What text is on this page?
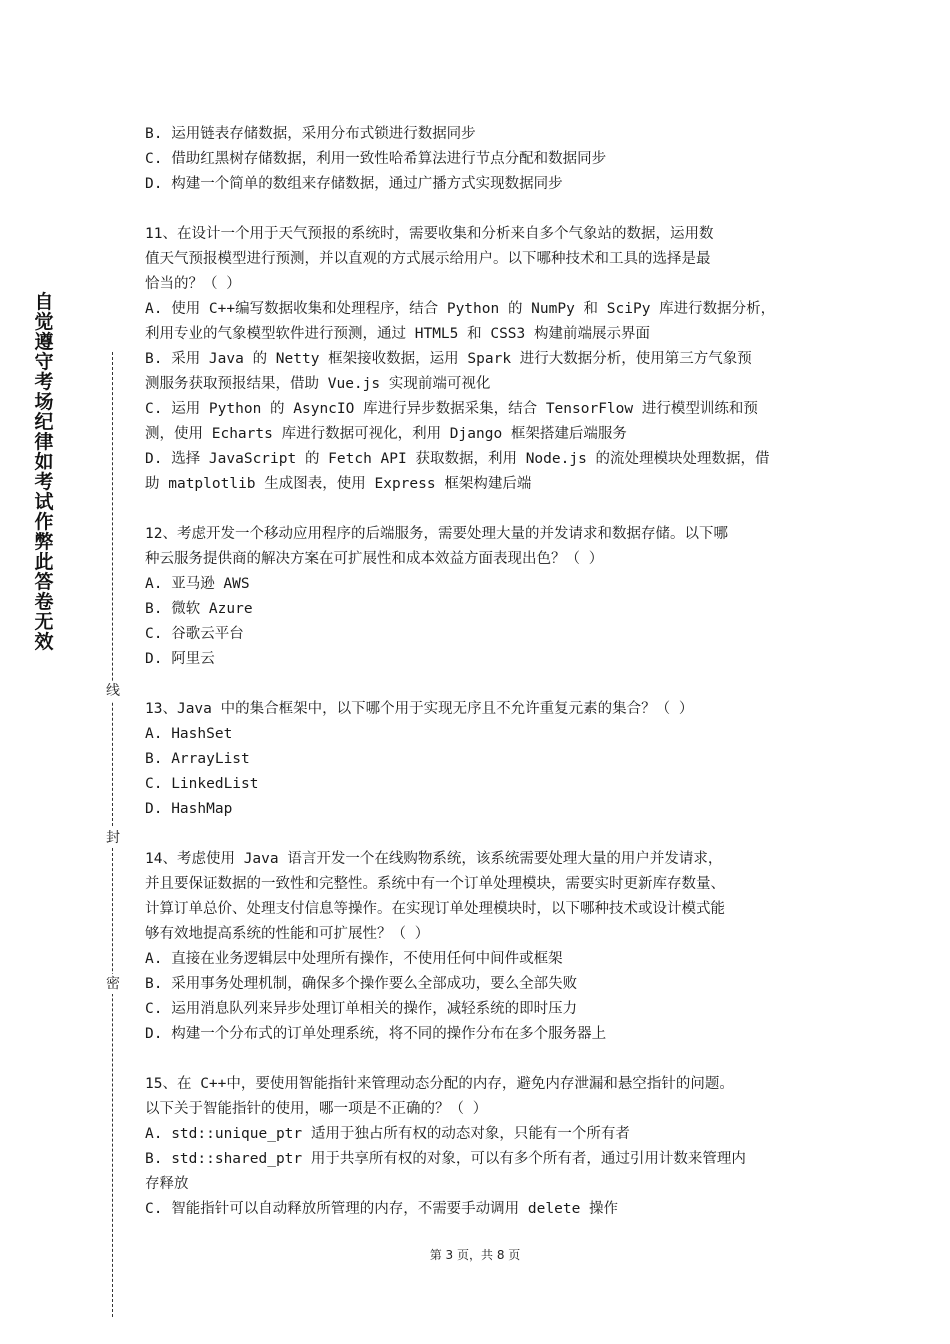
自觉遵守考场纪律如考试作弊此答卷无效
线
封
密
B. 运用链表存储数据，采用分布式锁进行数据同步
C. 借助红黑树存储数据，利用一致性哈希算法进行节点分配和数据同步
D. 构建一个简单的数组来存储数据，通过广播方式实现数据同步
11、在设计一个用于天气预报的系统时，需要收集和分析来自多个气象站的数据，运用数
值天气预报模型进行预测，并以直观的方式展示给用户。以下哪种技术和工具的选择是最
恰当的？（ ）
A. 使用 C++编写数据收集和处理程序，结合 Python 的 NumPy 和 SciPy 库进行数据分析，
利用专业的气象模型软件进行预测，通过 HTML5 和 CSS3 构建前端展示界面
B. 采用 Java 的 Netty 框架接收数据，运用 Spark 进行大数据分析，使用第三方气象预
测服务获取预报结果，借助 Vue.js 实现前端可视化
C. 运用 Python 的 AsyncIO 库进行异步数据采集，结合 TensorFlow 进行模型训练和预
测，使用 Echarts 库进行数据可视化，利用 Django 框架搭建后端服务
D. 选择 JavaScript 的 Fetch API 获取数据，利用 Node.js 的流处理模块处理数据，借
助 matplotlib 生成图表，使用 Express 框架构建后端
12、考虑开发一个移动应用程序的后端服务，需要处理大量的并发请求和数据存储。以下哪
种云服务提供商的解决方案在可扩展性和成本效益方面表现出色？（ ）
A. 亚马逊 AWS
B. 微软 Azure
C. 谷歌云平台
D. 阿里云
13、Java 中的集合框架中，以下哪个用于实现无序且不允许重复元素的集合？（ ）
A. HashSet
B. ArrayList
C. LinkedList
D. HashMap
14、考虑使用 Java 语言开发一个在线购物系统，该系统需要处理大量的用户并发请求，
并且要保证数据的一致性和完整性。系统中有一个订单处理模块，需要实时更新库存数量、
计算订单总价、处理支付信息等操作。在实现订单处理模块时，以下哪种技术或设计模式能
够有效地提高系统的性能和可扩展性？（ ）
A. 直接在业务逻辑层中处理所有操作，不使用任何中间件或框架
B. 采用事务处理机制，确保多个操作要么全部成功，要么全部失败
C. 运用消息队列来异步处理订单相关的操作，减轻系统的即时压力
D. 构建一个分布式的订单处理系统，将不同的操作分布在多个服务器上
15、在 C++中，要使用智能指针来管理动态分配的内存，避免内存泄漏和悬空指针的问题。
以下关于智能指针的使用，哪一项是不正确的？（ ）
A. std::unique_ptr 适用于独占所有权的动态对象，只能有一个所有者
B. std::shared_ptr 用于共享所有权的对象，可以有多个所有者，通过引用计数来管理内
存释放
C. 智能指针可以自动释放所管理的内存，不需要手动调用 delete 操作
第 3 页，共 8 页
